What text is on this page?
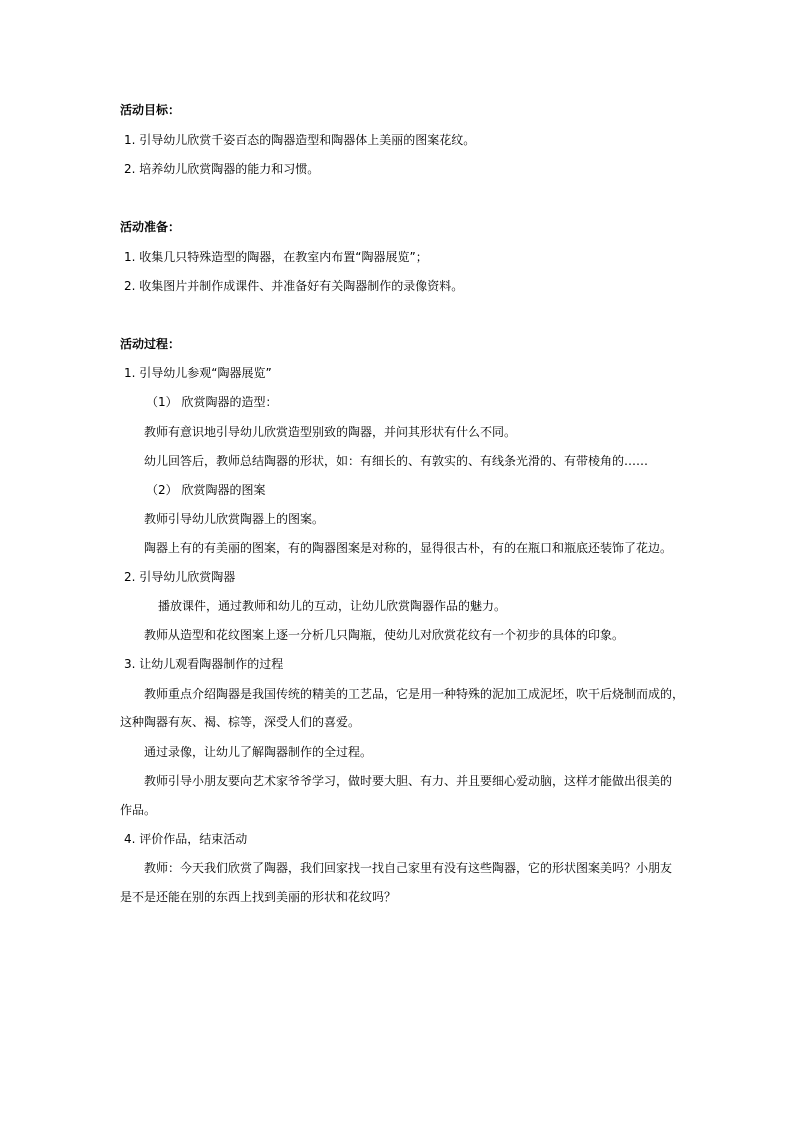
活动目标：
1. 引导幼儿欣赏千姿百态的陶器造型和陶器体上美丽的图案花纹。
2. 培养幼儿欣赏陶器的能力和习惯。
活动准备：
1. 收集几只特殊造型的陶器，在教室内布置“陶器展览”；
2. 收集图片并制作成课件、并准备好有关陶器制作的录像资料。
活动过程：
1. 引导幼儿参观“陶器展览”
（1） 欣赏陶器的造型：
教师有意识地引导幼儿欣赏造型别致的陶器，并问其形状有什么不同。
幼儿回答后，教师总结陶器的形状，如：有细长的、有敦实的、有线条光滑的、有带棱角的……
（2） 欣赏陶器的图案
教师引导幼儿欣赏陶器上的图案。
陶器上有的有美丽的图案，有的陶器图案是对称的，显得很古朴，有的在瓶口和瓶底还装饰了花边。
2. 引导幼儿欣赏陶器
播放课件，通过教师和幼儿的互动，让幼儿欣赏陶器作品的魅力。
教师从造型和花纹图案上逐一分析几只陶瓶，使幼儿对欣赏花纹有一个初步的具体的印象。
3. 让幼儿观看陶器制作的过程
教师重点介绍陶器是我国传统的精美的工艺品，它是用一种特殊的泥加工成泥坯，吹干后烧制而成的，
这种陶器有灰、褐、棕等，深受人们的喜爱。
通过录像，让幼儿了解陶器制作的全过程。
教师引导小朋友要向艺术家爷爷学习，做时要大胆、有力、并且要细心爱动脑，这样才能做出很美的
作品。
4. 评价作品，结束活动
教师：今天我们欣赏了陶器，我们回家找一找自己家里有没有这些陶器，它的形状图案美吗？小朋友
是不是还能在别的东西上找到美丽的形状和花纹吗？
